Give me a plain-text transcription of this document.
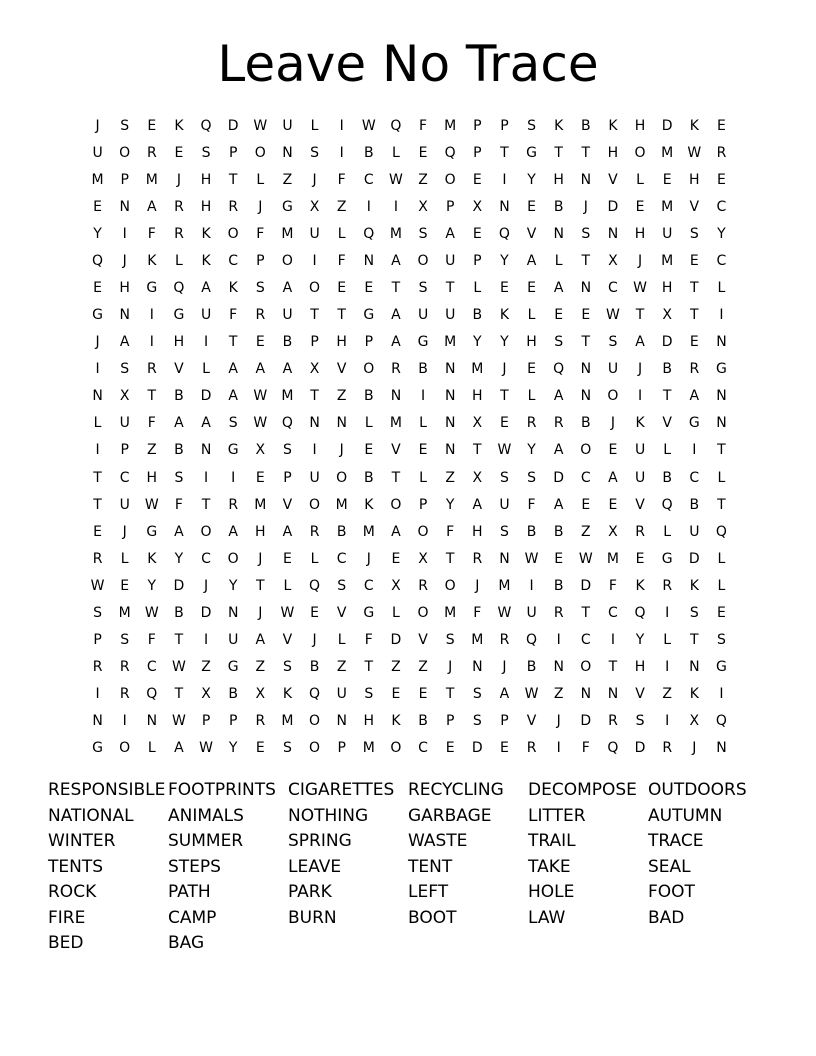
Leave No Trace
J	S	E	K	Q	D	W	U	L	I	W	Q	F	M	P	P	S	K	B	K	H	D	K	E
U	O	R	E	S	P	O	N	S	I	B	L	E	Q	P	T	G	T	T	H	O	M	W	R
M	P	M	J	H	T	L	Z	J	F	C	W	Z	O	E	I	Y	H	N	V	L	E	H	E
E	N	A	R	H	R	J	G	X	Z	I	I	X	P	X	N	E	B	J	D	E	M	V	C
Y	I	F	R	K	O	F	M	U	L	Q	M	S	A	E	Q	V	N	S	N	H	U	S	Y
Q	J	K	L	K	C	P	O	I	F	N	A	O	U	P	Y	A	L	T	X	J	M	E	C
E	H	G	Q	A	K	S	A	O	E	E	T	S	T	L	E	E	A	N	C	W	H	T	L
G	N	I	G	U	F	R	U	T	T	G	A	U	U	B	K	L	E	E	W	T	X	T	I
J	A	I	H	I	T	E	B	P	H	P	A	G	M	Y	Y	H	S	T	S	A	D	E	N
I	S	R	V	L	A	A	A	X	V	O	R	B	N	M	J	E	Q	N	U	J	B	R	G
N	X	T	B	D	A	W	M	T	Z	B	N	I	N	H	T	L	A	N	O	I	T	A	N
L	U	F	A	A	S	W	Q	N	N	L	M	L	N	X	E	R	R	B	J	K	V	G	N
I	P	Z	B	N	G	X	S	I	J	E	V	E	N	T	W	Y	A	O	E	U	L	I	T
T	C	H	S	I	I	E	P	U	O	B	T	L	Z	X	S	S	D	C	A	U	B	C	L
T	U	W	F	T	R	M	V	O	M	K	O	P	Y	A	U	F	A	E	E	V	Q	B	T
E	J	G	A	O	A	H	A	R	B	M	A	O	F	H	S	B	B	Z	X	R	L	U	Q
R	L	K	Y	C	O	J	E	L	C	J	E	X	T	R	N	W	E	W	M	E	G	D	L
W	E	Y	D	J	Y	T	L	Q	S	C	X	R	O	J	M	I	B	D	F	K	R	K	L
S	M	W	B	D	N	J	W	E	V	G	L	O	M	F	W	U	R	T	C	Q	I	S	E
P	S	F	T	I	U	A	V	J	L	F	D	V	S	M	R	Q	I	C	I	Y	L	T	S
R	R	C	W	Z	G	Z	S	B	Z	T	Z	Z	J	N	J	B	N	O	T	H	I	N	G
I	R	Q	T	X	B	X	K	Q	U	S	E	E	T	S	A	W	Z	N	N	V	Z	K	I
N	I	N	W	P	P	R	M	O	N	H	K	B	P	S	P	V	J	D	R	S	I	X	Q
G	O	L	A	W	Y	E	S	O	P	M	O	C	E	D	E	R	I	F	Q	D	R	J	N
RESPONSIBLE FOOTPRINTS CIGARETTES RECYCLING	DECOMPOSE OUTDOORS
NATIONAL	ANIMALS	NOTHING	GARBAGE	LITTER	AUTUMN
WINTER	SUMMER	SPRING	WASTE	TRAIL	TRACE
TENTS	STEPS	LEAVE	TENT	TAKE	SEAL
ROCK	PATH	PARK	LEFT	HOLE	FOOT
FIRE	CAMP	BURN	BOOT	LAW	BAD
BED	BAG
